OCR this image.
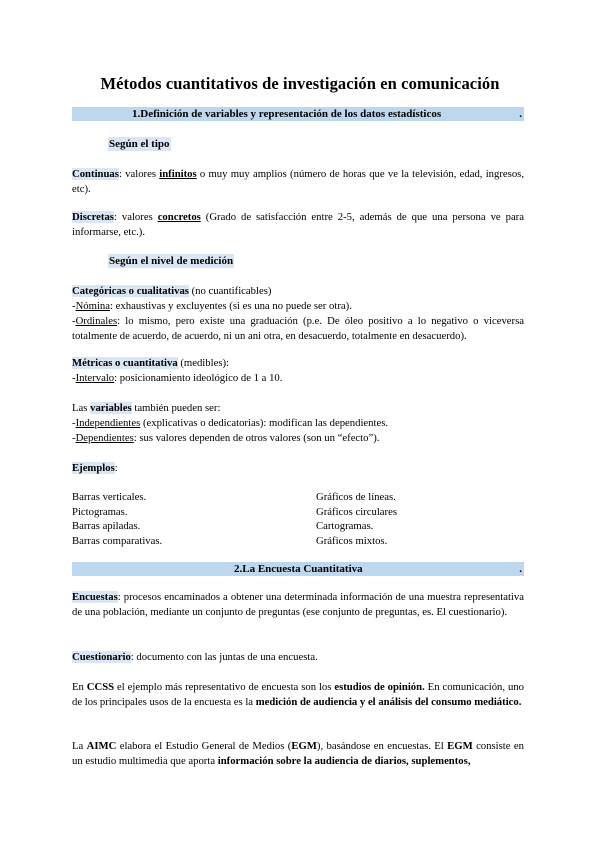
Métodos cuantitativos de investigación en comunicación
1.Definición de variables y representación de los datos estadísticos	.
Según el tipo
Continuas: valores infinitos o muy muy amplios (número de horas que ve la televisión, edad, ingresos, etc).
Discretas: valores concretos (Grado de satisfacción entre 2-5, además de que una persona ve para informarse, etc.).
Según el nivel de medición
Categóricas o cualitativas (no cuantificables)
-Nómina: exhaustivas y excluyentes (si es una no puede ser otra).
-Ordinales: lo mismo, pero existe una graduación (p.e. De óleo positivo a lo negativo o viceversa totalmente de acuerdo, de acuerdo, ni un ani otra, en desacuerdo, totalmente en desacuerdo).
Métricas o cuantitativa (medibles):
-Intervalo: posicionamiento ideológico de 1 a 10.
Las variables también pueden ser:
-Independientes (explicativas o dedicatorias): modifican las dependientes.
-Dependientes: sus valores dependen de otros valores (son un “efecto”).
Ejemplos:
Barras verticales.
Pictogramas.
Barras apiladas.
Barras comparativas.
Gráficos de líneas.
Gráficos circulares
Cartogramas.
Gráficos mixtos.
2.La Encuesta Cuantitativa	.
Encuestas: procesos encaminados a obtener una determinada información de una muestra representativa de una población, mediante un conjunto de preguntas (ese conjunto de preguntas, es. El cuestionario).
Cuestionario: documento con las juntas de una encuesta.
En CCSS el ejemplo más representativo de encuesta son los estudios de opinión. En comunicación, uno de los principales usos de la encuesta es la medición de audiencia y el análisis del consumo mediático.
La AIMC elabora el Estudio General de Medios (EGM), basándose en encuestas. El EGM consiste en un estudio multimedia que aporta información sobre la audiencia de diarios, suplementos,
